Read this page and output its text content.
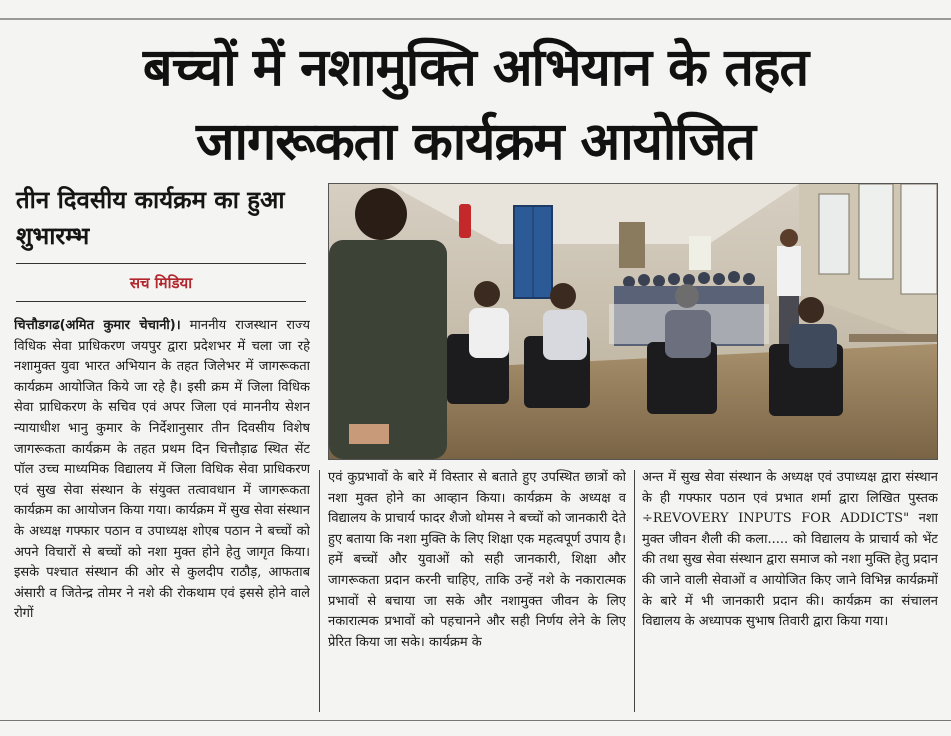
बच्चों में नशामुक्ति अभियान के तहत
जागरूकता कार्यक्रम आयोजित
तीन दिवसीय कार्यक्रम का हुआ शुभारम्भ
सच मिडिया
चित्तौडगढ(अमित कुमार चेचानी)। माननीय राजस्थान राज्य विधिक सेवा प्राधिकरण जयपुर द्वारा प्रदेशभर में चला जा रहे नशामुक्त युवा भारत अभियान के तहत जिलेभर में जागरूकता कार्यक्रम आयोजित किये जा रहे है। इसी क्रम में जिला विधिक सेवा प्राधिकरण के सचिव एवं अपर जिला एवं माननीय सेशन न्यायाधीश भानु कुमार के निर्देशानुसार तीन दिवसीय विशेष जागरूकता कार्यक्रम के तहत प्रथम दिन चित्तौड़ाढ स्थित सेंट पॉल उच्च माध्यमिक विद्यालय में जिला विधिक सेवा प्राधिकरण एवं सुख सेवा संस्थान के संयुक्त तत्वावधान में जागरूकता कार्यक्रम का आयोजन किया गया। कार्यक्रम में सुख सेवा संस्थान के अध्यक्ष गफ्फार पठान व उपाध्यक्ष शोएब पठान ने बच्चों को अपने विचारों से बच्चों को नशा मुक्त होने हेतु जागृत किया। इसके पश्चात संस्थान की ओर से कुलदीप राठौड़, आफताब अंसारी व जितेन्द्र तोमर ने नशे की रोकथाम एवं इससे होने वाले रोगों
एवं कुप्रभावों के बारे में विस्तार से बताते हुए उपस्थित छात्रों को नशा मुक्त होने का आव्हान किया। कार्यक्रम के अध्यक्ष व विद्यालय के प्राचार्य फादर शैजो थोमस ने बच्चों को जानकारी देते हुए बताया कि नशा मुक्ति के लिए शिक्षा एक महत्वपूर्ण उपाय है। हमें बच्चों और युवाओं को सही जानकारी, शिक्षा और जागरूकता प्रदान करनी चाहिए, ताकि उन्हें नशे के नकारात्मक प्रभावों से बचाया जा सके और नशामुक्त जीवन के लिए नकारात्मक प्रभावों को पहचानने और सही निर्णय लेने के लिए प्रेरित किया जा सके। कार्यक्रम के
अन्त में सुख सेवा संस्थान के अध्यक्ष एवं उपाध्यक्ष द्वारा संस्थान के ही गफ्फार पठान एवं प्रभात शर्मा द्वारा लिखित पुस्तक ÷REVOVERY INPUTS FOR ADDICTS" नशा मुक्त जीवन शैली की कला..... को विद्यालय के प्राचार्य को भेंट की तथा सुख सेवा संस्थान द्वारा समाज को नशा मुक्ति हेतु प्रदान की जाने वाली सेवाओं व आयोजित किए जाने विभिन्न कार्यक्रमों के बारे में भी जानकारी प्रदान की। कार्यक्रम का संचालन विद्यालय के अध्यापक सुभाष तिवारी द्वारा किया गया।
